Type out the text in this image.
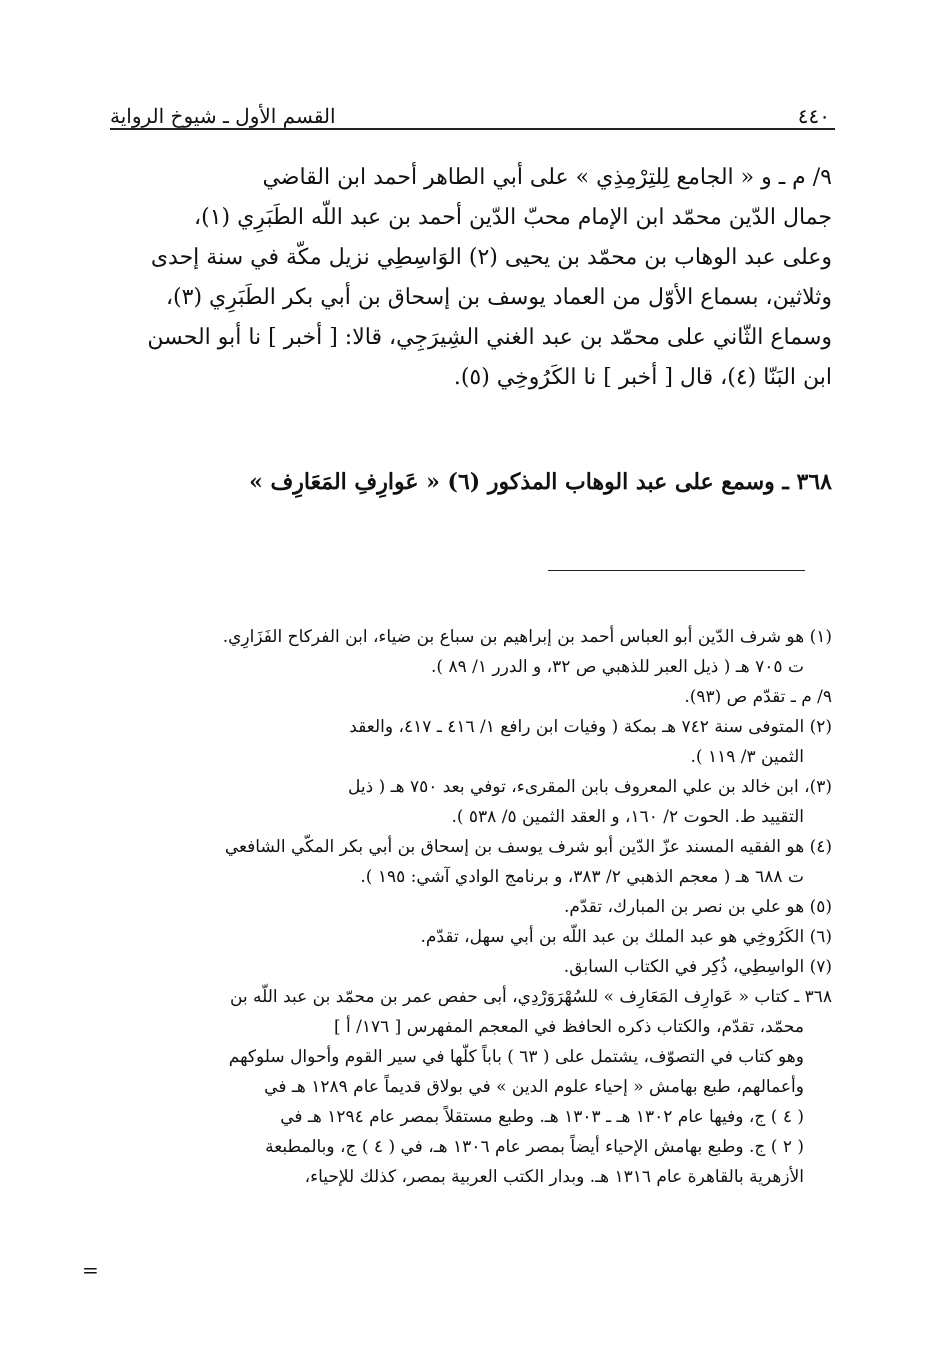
٤٤٠
القسم الأول ـ شيوخ الرواية

٩/ م ـ و « الجامع لِلتِرْمِذِي » على أبي الطاهر أحمد ابن القاضي

جمال الدّين محمّد ابن الإمام محبّ الدّين أحمد بن عبد اللّه الطَبَرِي (١)،

وعلى عبد الوهاب بن محمّد بن يحيى (٢) الوَاسِطِي نزيل مكّة في سنة إحدى

وثلاثين، بسماع الأوّل من العماد يوسف بن إسحاق بن أبي بكر الطَبَرِي (٣)،

وسماع الثّاني على محمّد بن عبد الغني الشِيرَجِي، قالا: [ أخبر ] نا أبو الحسن

ابن البَنّا (٤)، قال [ أخبر ] نا الكَرُوخِي (٥).

٣٦٨ ـ وسمع على عبد الوهاب المذكور (٦) « عَوارِفِ المَعَارِف »

(١) هو شرف الدّين أبو العباس أحمد بن إبراهيم بن سباع بن ضياء، ابن الفركاح الفَزَارِي.

ت ٧٠٥ هـ ( ذيل العبر للذهبي ص ٣٢، و الدرر ١/ ٨٩ ).

٩/ م ـ تقدّم ص (٩٣).

(٢) المتوفى سنة ٧٤٢ هـ بمكة ( وفيات ابن رافع ١/ ٤١٦ ـ ٤١٧، والعقد

الثمين ٣/ ١١٩ ).

(٣)، ابن خالد بن علي المعروف بابن المقرىء، توفي بعد ٧٥٠ هـ ( ذيل

التقييد ط. الحوت ٢/ ١٦٠، و العقد الثمين ٥/ ٥٣٨ ).

(٤) هو الفقيه المسند عزّ الدّين أبو شرف يوسف بن إسحاق بن أبي بكر المكّي الشافعي

ت ٦٨٨ هـ ( معجم الذهبي ٢/ ٣٨٣، و برنامج الوادي آشي: ١٩٥ ).

(٥) هو علي بن نصر بن المبارك، تقدّم.

(٦) الكَرُوخِي هو عبد الملك بن عبد اللّه بن أبي سهل، تقدّم.

(٧) الواسِطِي، ذُكِر في الكتاب السابق.

٣٦٨ ـ كتاب « عَوارِف المَعَارِف » للسُهْرَوَرْدِي، أبى حفص عمر بن محمّد بن عبد اللّه بن

محمّد، تقدّم، والكتاب ذكره الحافظ في المعجم المفهرس [ ١٧٦/ أ ]

وهو كتاب في التصوّف، يشتمل على ( ٦٣ ) باباً كلّها في سير القوم وأحوال سلوكهم

وأعمالهم، طبع بهامش « إحياء علوم الدين » في بولاق قديماً عام ١٢٨٩ هـ في

( ٤ ) ج، وفيها عام ١٣٠٢ هـ ـ ١٣٠٣ هـ. وطبع مستقلاً بمصر عام ١٢٩٤ هـ في

( ٢ ) ج. وطبع بهامش الإحياء أيضاً بمصر عام ١٣٠٦ هـ، في ( ٤ ) ج، وبالمطبعة

الأزهرية بالقاهرة عام ١٣١٦ هـ. وبدار الكتب العربية بمصر، كذلك للإحياء،

=
